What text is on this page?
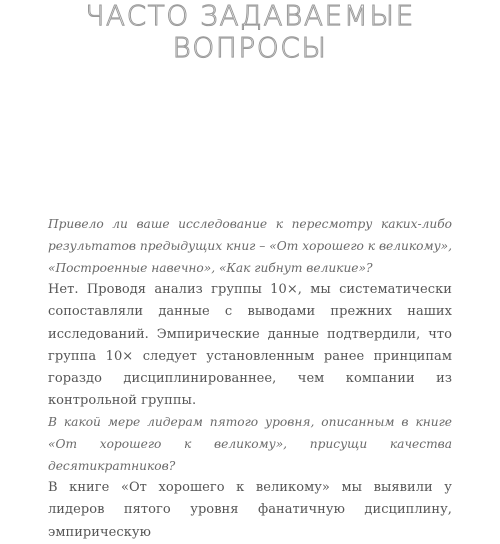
ЧАСТО ЗАДАВАЕМЫЕ
ВОПРОСЫ

Привело ли ваше исследование к пересмотру каких-либо результатов предыдущих книг – «От хорошего к великому», «Построенные навечно», «Как гибнут великие»?

Нет. Проводя анализ группы 10×, мы систематически сопоставляли данные с выводами прежних наших исследований. Эмпирические данные подтвердили, что группа 10× следует установленным ранее принципам гораздо дисциплинированнее, чем компании из контрольной группы.

В какой мере лидерам пятого уровня, описанным в книге «От хорошего к великому», присущи качества десятикратников?

В книге «От хорошего к великому» мы выявили у лидеров пятого уровня фанатичную дисциплину, эмпирическую
